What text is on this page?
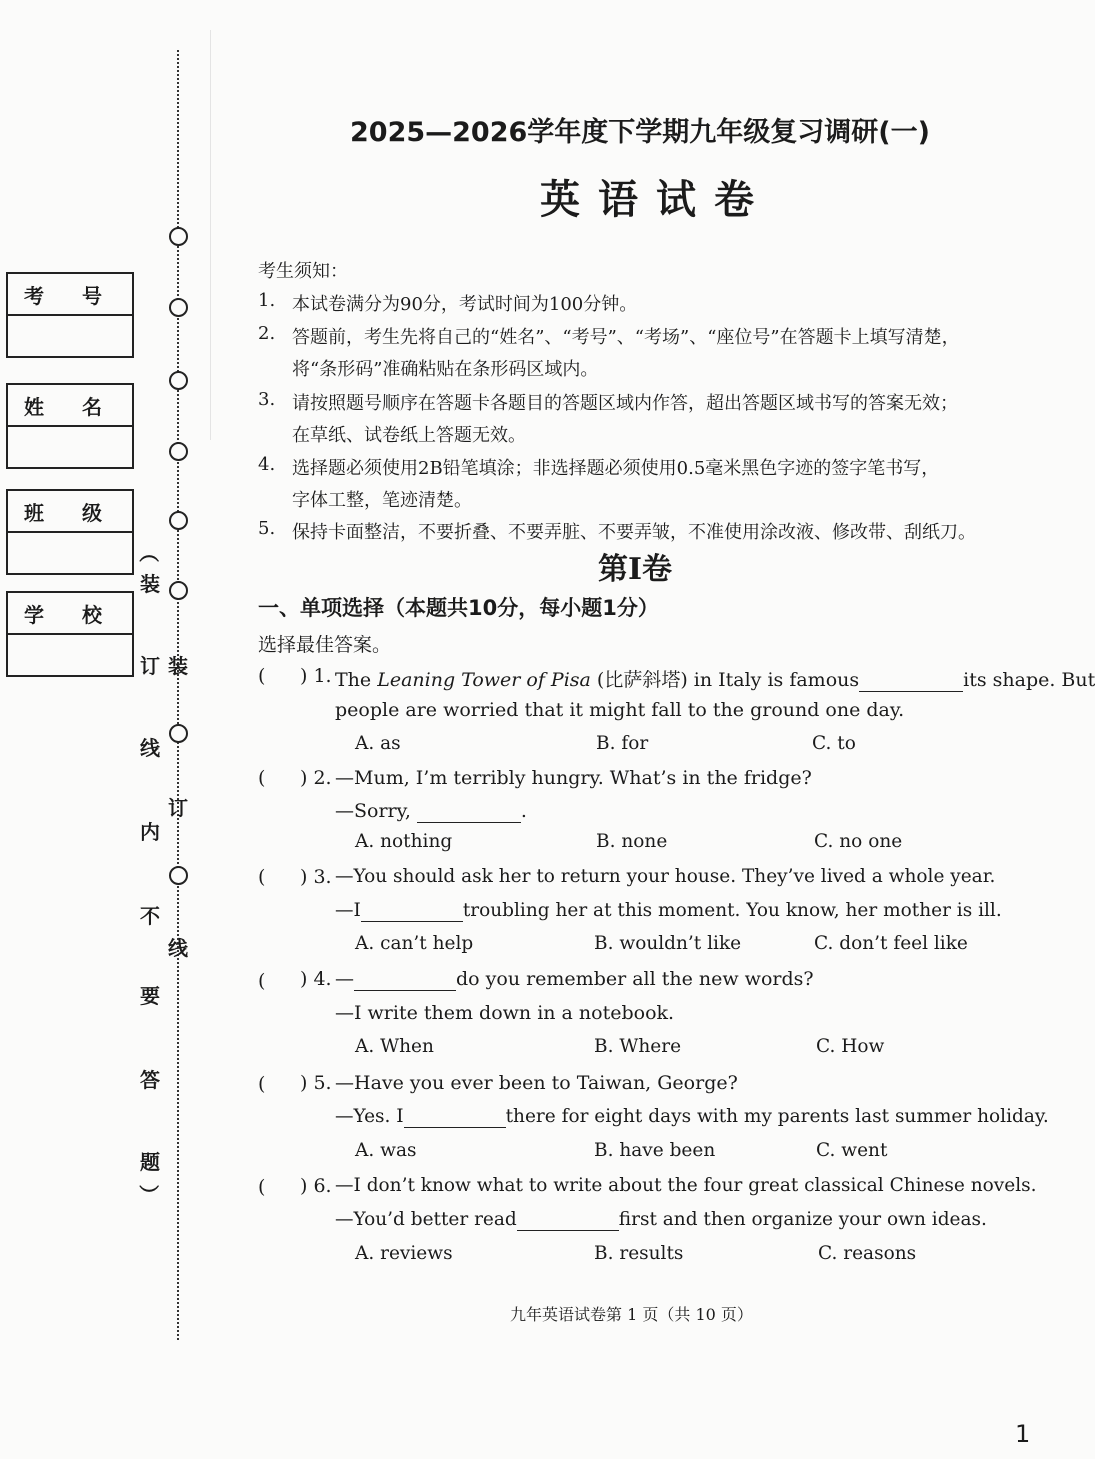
考 号
姓 名
班 级
学 校
装
订
线
（
装
订
线
内
不
要
答
题
）
2025—2026学年度下学期九年级复习调研(一)
英语试卷
考生须知：
1. 本试卷满分为90分，考试时间为100分钟。
2. 答题前，考生先将自己的“姓名”、“考号”、“考场”、“座位号”在答题卡上填写清楚，
将“条形码”准确粘贴在条形码区域内。
3. 请按照题号顺序在答题卡各题目的答题区域内作答，超出答题区域书写的答案无效；
在草纸、试卷纸上答题无效。
4. 选择题必须使用2B铅笔填涂；非选择题必须使用0.5毫米黑色字迹的签字笔书写，
字体工整，笔迹清楚。
5. 保持卡面整洁，不要折叠、不要弄脏、不要弄皱，不准使用涂改液、修改带、刮纸刀。
第I卷
一、单项选择（本题共10分，每小题1分）
选择最佳答案。
( ) 1. The Leaning Tower of Pisa (比萨斜塔) in Italy is famous	its shape. But
people are worried that it might fall to the ground one day.
A. as	B. for	C. to
( ) 2. —Mum, I’m terribly hungry. What’s in the fridge?
—Sorry,	.
A. nothing	B. none	C. no one
( ) 3. —You should ask her to return your house. They’ve lived a whole year.
—I	troubling her at this moment. You know, her mother is ill.
A. can’t help	B. wouldn’t like	C. don’t feel like
( ) 4. —	do you remember all the new words?
—I write them down in a notebook.
A. When	B. Where	C. How
( ) 5. —Have you ever been to Taiwan, George?
—Yes. I	there for eight days with my parents last summer holiday.
A. was	B. have been	C. went
( ) 6. —I don’t know what to write about the four great classical Chinese novels.
—You’d better read	first and then organize your own ideas.
A. reviews	B. results	C. reasons
九年英语试卷第 1 页（共 10 页）
1
